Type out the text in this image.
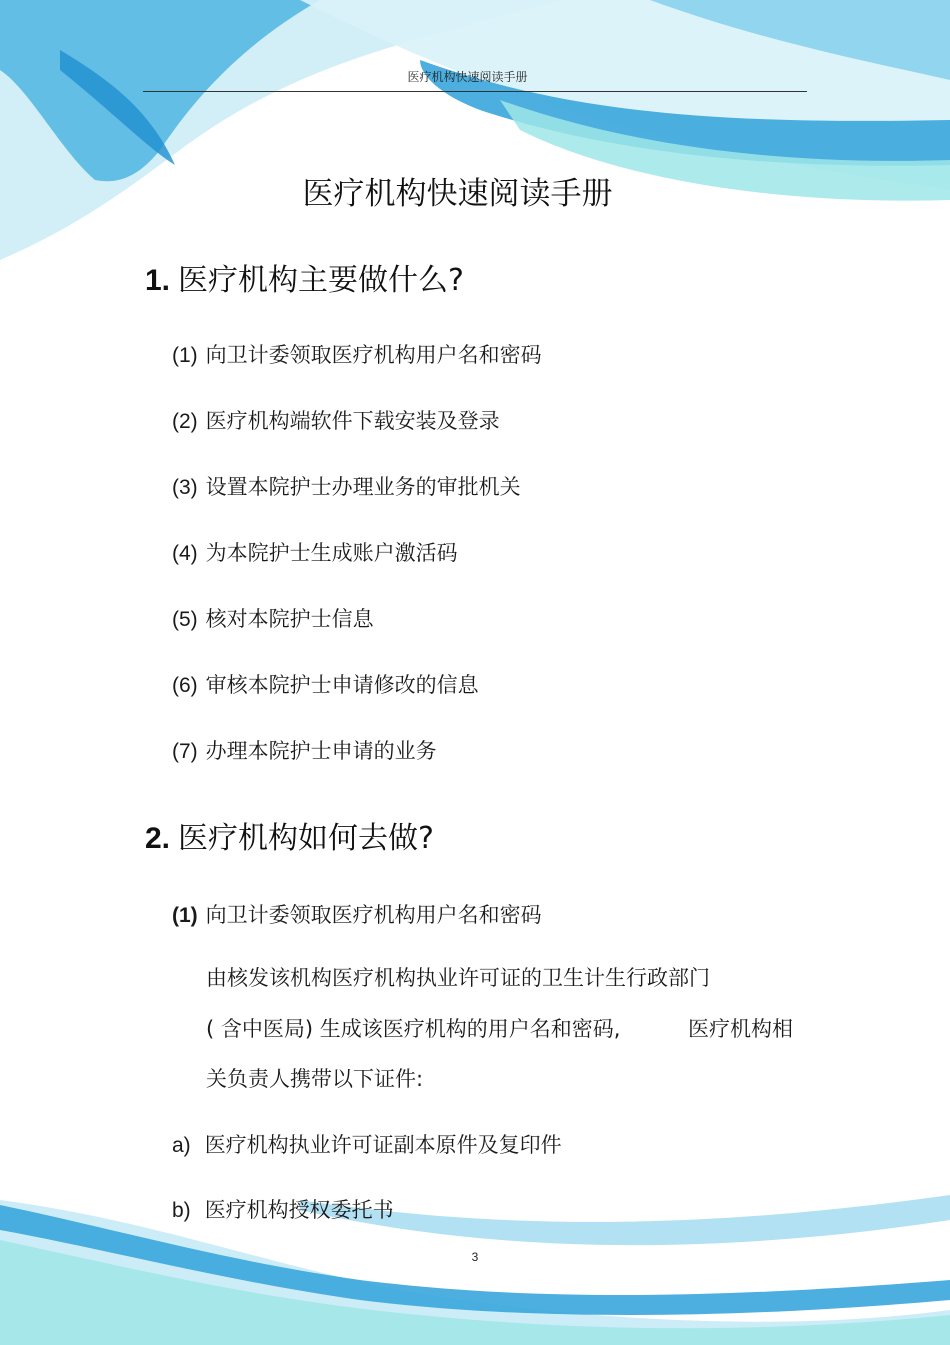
医疗机构快速阅读手册
医疗机构快速阅读手册
1. 医疗机构主要做什么?
(1) 向卫计委领取医疗机构用户名和密码
(2) 医疗机构端软件下载安装及登录
(3) 设置本院护士办理业务的审批机关
(4) 为本院护士生成账户激活码
(5) 核对本院护士信息
(6) 审核本院护士申请修改的信息
(7) 办理本院护士申请的业务
2. 医疗机构如何去做?
(1) 向卫计委领取医疗机构用户名和密码
由核发该机构医疗机构执业许可证的卫生计生行政部门
( 含中医局) 生成该医疗机构的用户名和密码,	医疗机构相
关负责人携带以下证件:
a) 医疗机构执业许可证副本原件及复印件
b) 医疗机构授权委托书
3
